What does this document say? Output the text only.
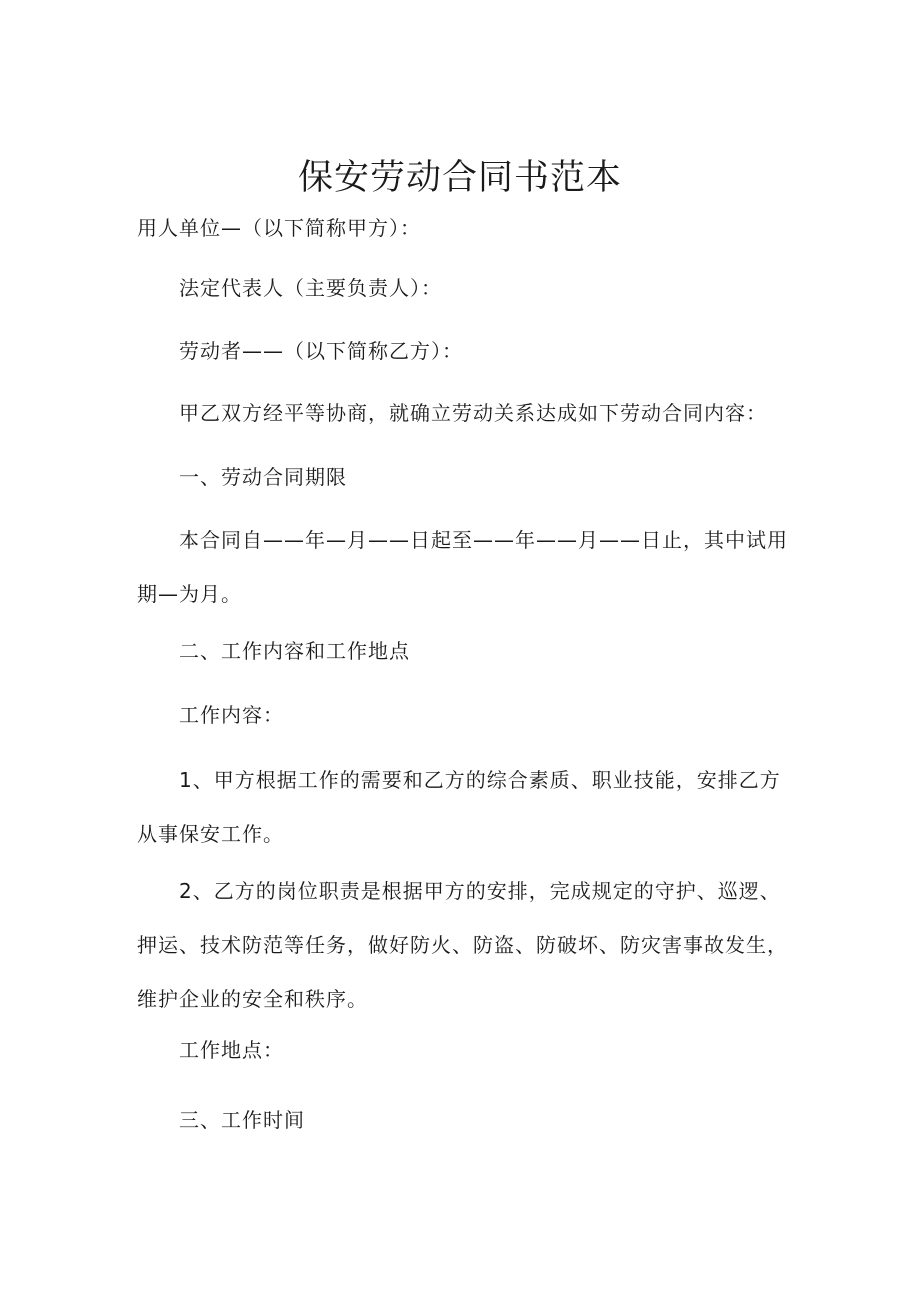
保安劳动合同书范本
用人单位—（以下简称甲方）：
法定代表人（主要负责人）：
劳动者——（以下简称乙方）：
甲乙双方经平等协商，就确立劳动关系达成如下劳动合同内容：
一、劳动合同期限
本合同自——年—月——日起至——年——月——日止，其中试用期—为月。
二、工作内容和工作地点
工作内容：
1、甲方根据工作的需要和乙方的综合素质、职业技能，安排乙方从事保安工作。
2、乙方的岗位职责是根据甲方的安排，完成规定的守护、巡逻、押运、技术防范等任务，做好防火、防盗、防破坏、防灾害事故发生，维护企业的安全和秩序。
工作地点：
三、工作时间
